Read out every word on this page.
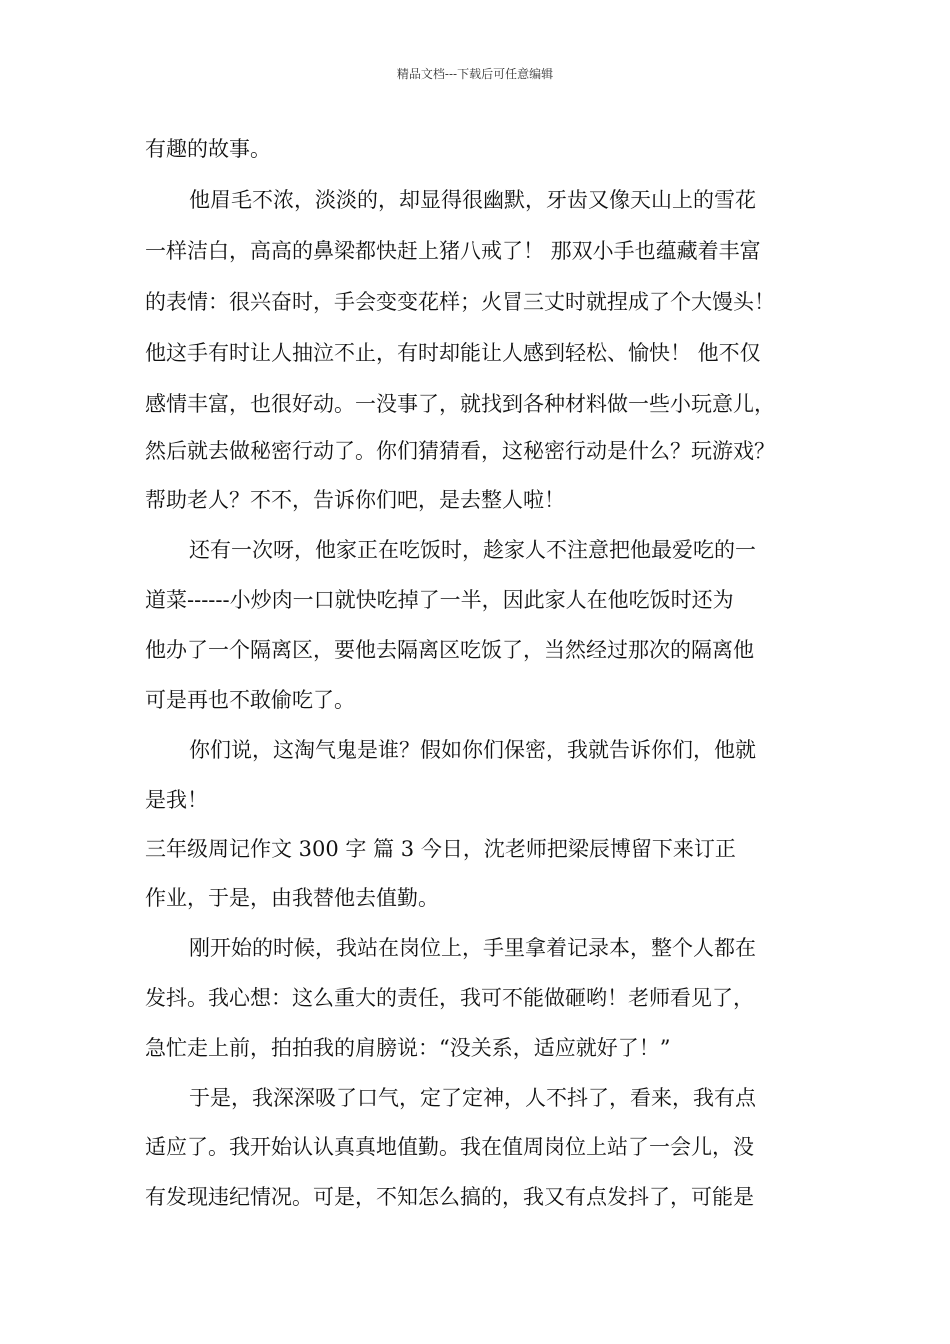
精品文档---下载后可任意编辑
有趣的故事。
他眉毛不浓，淡淡的，却显得很幽默，牙齿又像天山上的雪花
一样洁白，高高的鼻梁都快赶上猪八戒了！ 那双小手也蕴藏着丰富
的表情：很兴奋时，手会变变花样；火冒三丈时就捏成了个大馒头！
他这手有时让人抽泣不止，有时却能让人感到轻松、愉快！ 他不仅
感情丰富，也很好动。一没事了，就找到各种材料做一些小玩意儿，
然后就去做秘密行动了。你们猜猜看，这秘密行动是什么？玩游戏？
帮助老人？不不，告诉你们吧，是去整人啦！
还有一次呀，他家正在吃饭时，趁家人不注意把他最爱吃的一
道菜------小炒肉一口就快吃掉了一半，因此家人在他吃饭时还为
他办了一个隔离区，要他去隔离区吃饭了，当然经过那次的隔离他
可是再也不敢偷吃了。
你们说，这淘气鬼是谁？假如你们保密，我就告诉你们，他就
是我！
三年级周记作文 300 字 篇 3 今日，沈老师把梁辰博留下来订正
作业，于是，由我替他去值勤。
刚开始的时候，我站在岗位上，手里拿着记录本，整个人都在
发抖。我心想：这么重大的责任，我可不能做砸哟！老师看见了，
急忙走上前，拍拍我的肩膀说：“没关系，适应就好了！”
于是，我深深吸了口气，定了定神，人不抖了，看来，我有点
适应了。我开始认认真真地值勤。我在值周岗位上站了一会儿，没
有发现违纪情况。可是，不知怎么搞的，我又有点发抖了，可能是
